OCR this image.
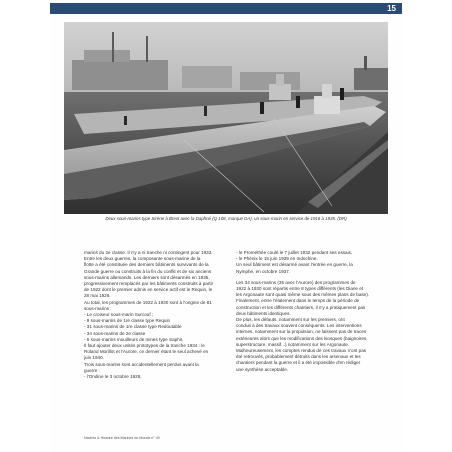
15
Deux sous-marins type Sirène à Brest avec la Daphné (Q 108, marque DA), un sous-marin en service de 1916 à 1935. (DR)

marins du 2e classe. Il n'y a ni tranche ni contingent pour 1933.

Entre les deux guerres, la composante sous-marine de la

flotte a été constituée des derniers bâtiments survivants de la

Grande guerre ou construits à la fin du conflit et de six anciens

sous-marins allemands. Les derniers sont désarmés en 1935,

progressivement remplacés par les bâtiments construits à partir

de 1922 dont le premier admis en service actif est le Requin, le

28 mai 1926.

Au total, les programmes de 1922 à 1930 sont à l'origine de 81

sous-marins :

- Le croiseur sous-marin Surcouf ;

- 9 sous-marins de 1re classe type Requin

- 31 sous-marins de 1re classe type Redoutable

- 34 sous-marins de 2e classe

- 6 sous-marins mouilleurs de mines type Saphir.

Il faut ajouter deux unités prototypes de la tranche 1934 : le

Roland Morillot et l'Aurore, ce dernier étant le seul achevé en

juin 1940.

Trois sous-marins sont accidentellement perdus avant la

guerre :

- l'Ondine le 3 octobre 1928,

- le Prométhée coulé le 7 juillet 1932 pendant ses essais,

- le Phénix le 15 juin 1939 en Indochine.

Un seul bâtiment est désarmé avant l'entrée en guerre, la

Nymphe, en octobre 1937.

Les 34 sous-marins (35 avec l'Aurore) des programmes de

1922 à 1930 sont répartis entre 8 types différents (les Diane et

les Argonaute sont quasi même sous des mêmes plans de base).

Finalement, entre l'étalement dans le temps de la période de

construction et les différents chantiers, il n'y a pratiquement pas

deux bâtiments identiques.

De plus, les défauts, notamment sur les premiers, ont

conduit à des travaux souvent conséquents. Les interventions

internes, notamment sur la propulsion, ne laissent pas de traces

extérieures alors que les modifications des kiosques (baignoires,

superstructure, massif...) notamment sur les Argonaute.

Malheureusement, les comptes rendus de ces travaux n'ont pas

été retrouvés, probablement détruits dans les arsenaux et les

chantiers pendant la guerre et il a été impossible d'en rédiger

une synthèse acceptable.

Navires & Histoire des Marines du Monde n° 40
